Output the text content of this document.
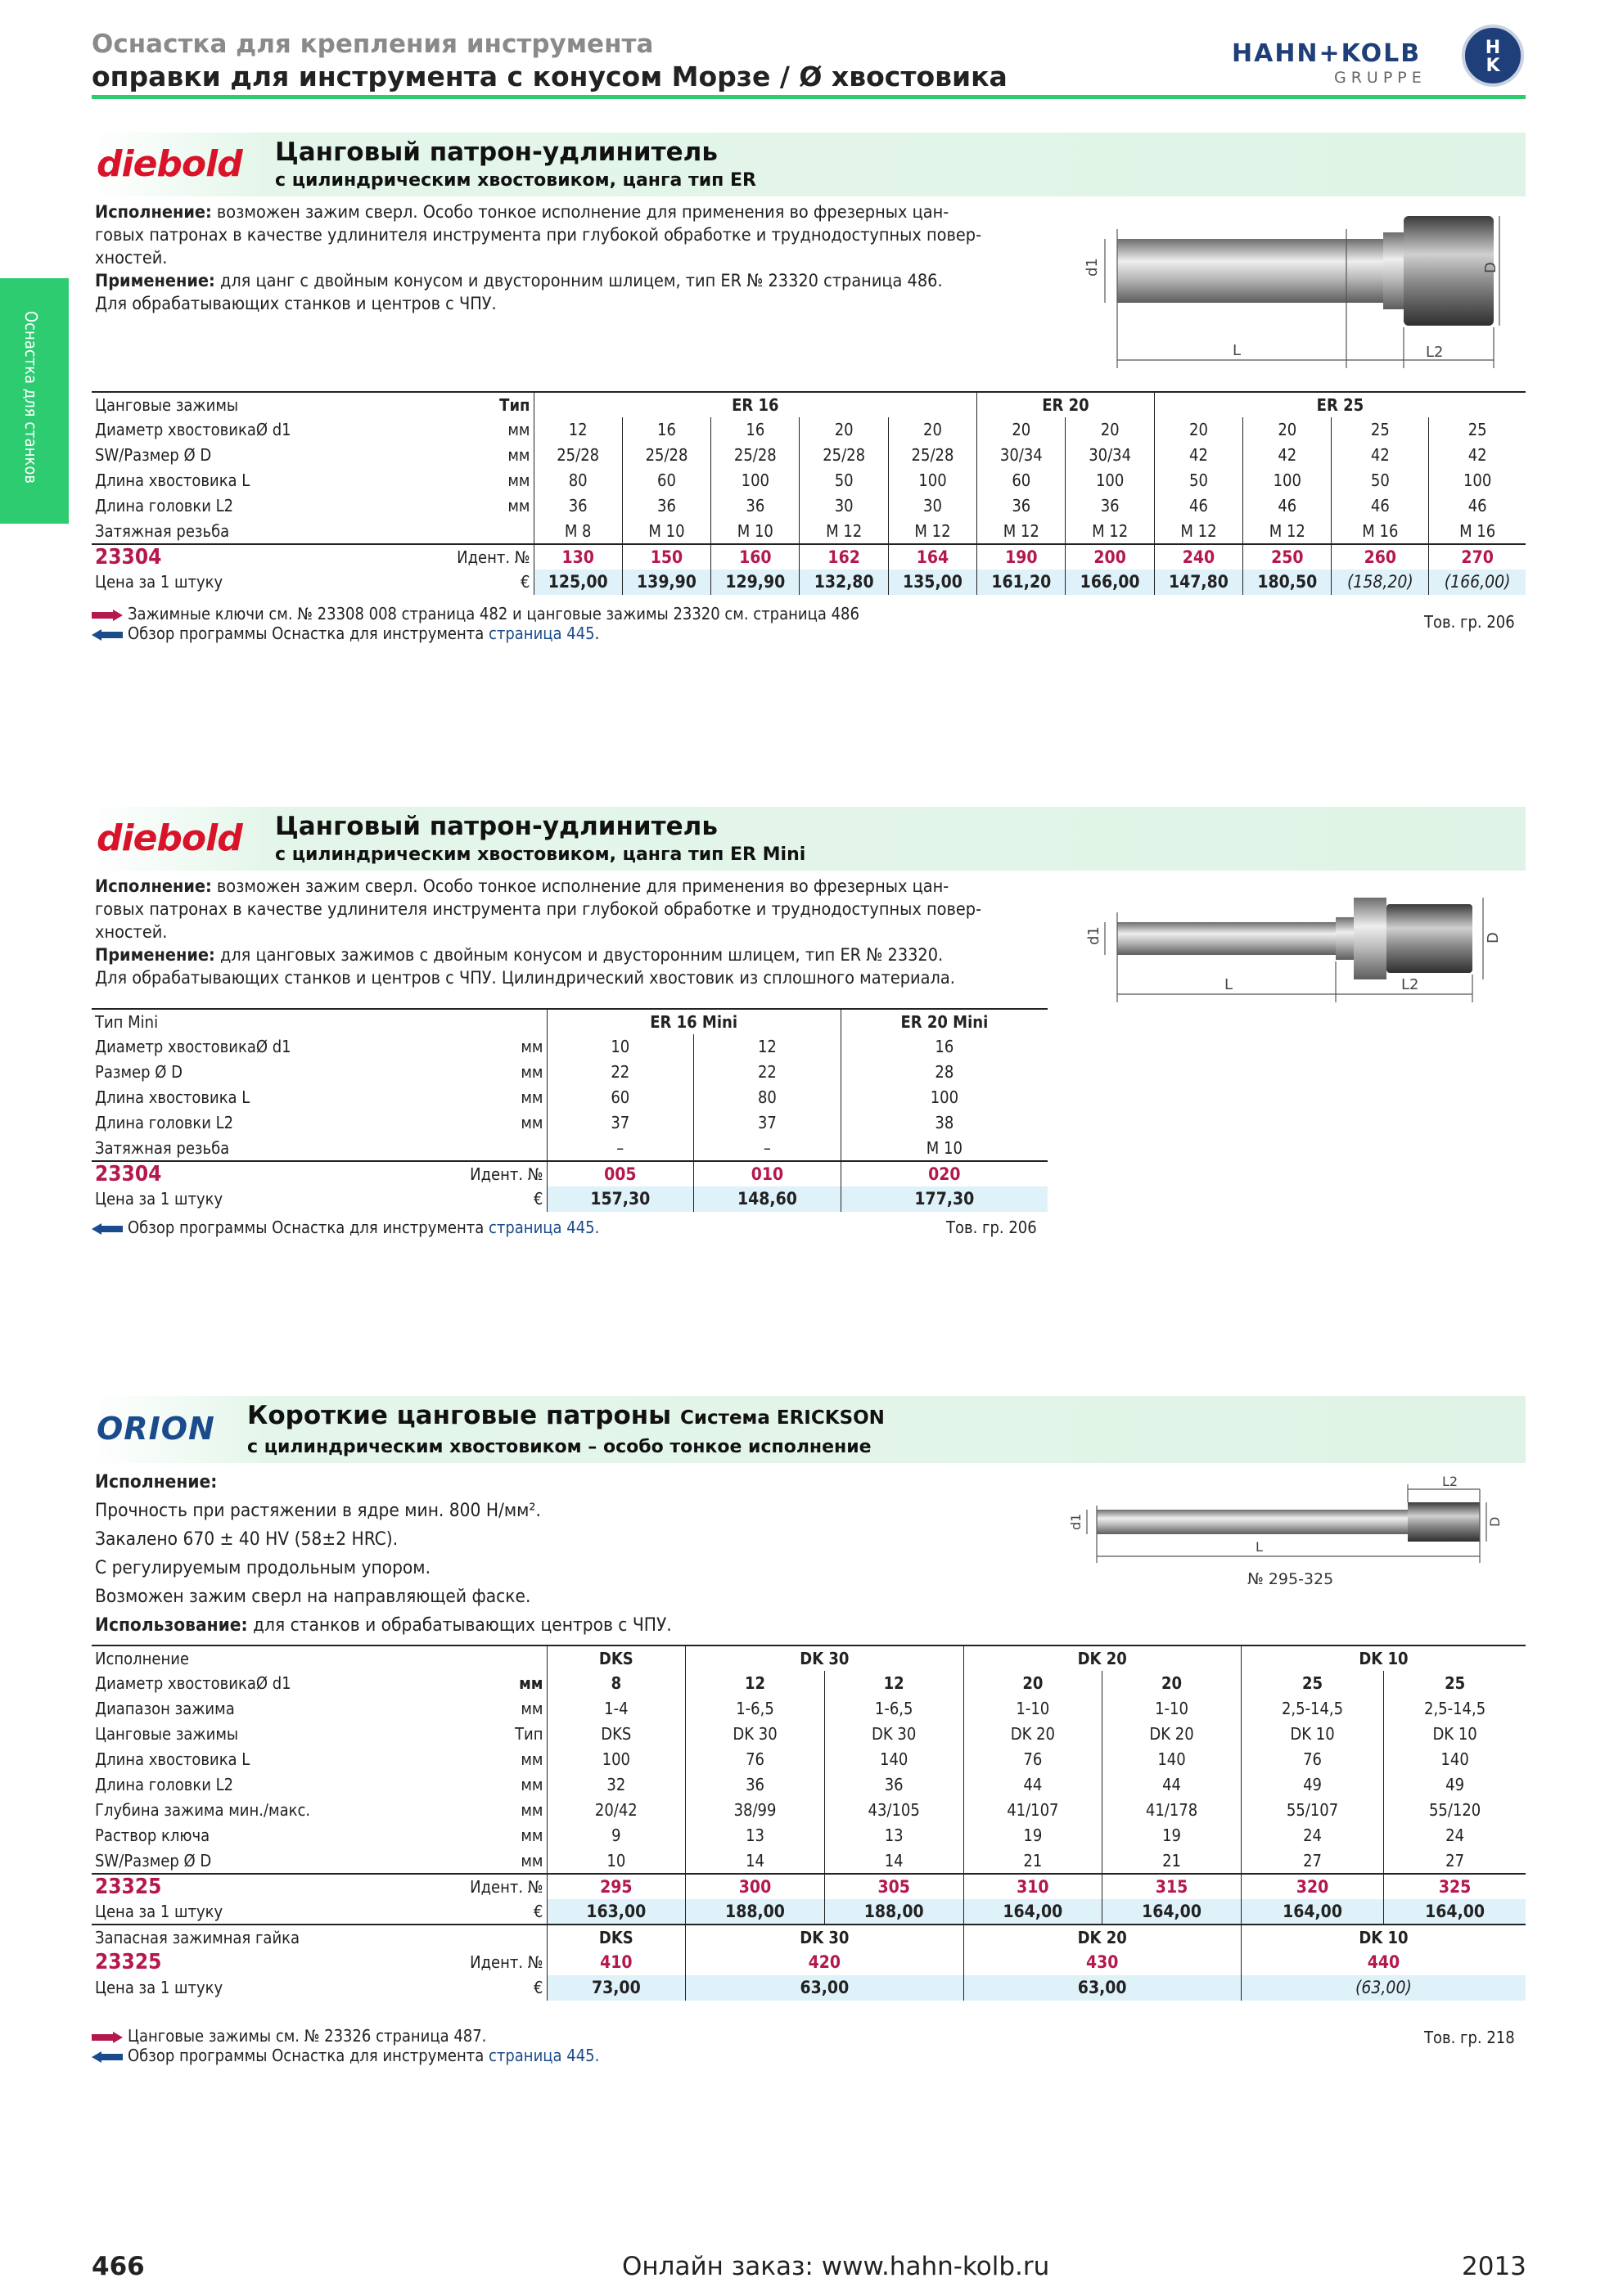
Оснастка для крепления инструмента
оправки для инструмента с конусом Морзе / Ø хвостовика
HAHN+KOLB
GRUPPE
H
K
Оснастка для станков
diebold Цанговый патрон-удлинитель
с цилиндрическим хвостовиком, цанга тип ER
Исполнение: возможен зажим сверл. Особо тонкое исполнение для применения во фрезерных цан-
говых патронах в качестве удлинителя инструмента при глубокой обработке и труднодоступных повер-
хностей.
Применение: для цанг с двойным конусом и двусторонним шлицем, тип ER № 23320 страница 486.
Для обрабатывающих станков и центров с ЧПУ.
L	L2
d1	D
Цанговые зажимы	Тип	ER 16					ER 20		ER 25			
Диаметр хвостовикаØ d1	мм	12	16	16	20	20	20	20	20	20	25	25
SW/Размер Ø D	мм	25/28	25/28	25/28	25/28	25/28	30/34	30/34	42	42	42	42
Длина хвостовика L	мм	80	60	100	50	100	60	100	50	100	50	100
Длина головки L2	мм	36	36	36	30	30	36	36	46	46	46	46
Затяжная резьба		M 8	M 10	M 10	M 12	M 12	M 12	M 12	M 12	M 12	M 16	M 16
23304	Идент. №	130	150	160	162	164	190	200	240	250	260	270
Цена за 1 штуку	€	125,00	139,90	129,90	132,80	135,00	161,20	166,00	147,80	180,50	(158,20)	(166,00)
Зажимные ключи см. № 23308 008 страница 482 и цанговые зажимы 23320 см. страница 486
Обзор программы Оснастка для инструмента страница 445.
Тов. гр. 206
diebold Цанговый патрон-удлинитель
с цилиндрическим хвостовиком, цанга тип ER Mini
Исполнение: возможен зажим сверл. Особо тонкое исполнение для применения во фрезерных цан-
говых патронах в качестве удлинителя инструмента при глубокой обработке и труднодоступных повер-
хностей.
Применение: для цанговых зажимов с двойным конусом и двусторонним шлицем, тип ER № 23320.
Для обрабатывающих станков и центров с ЧПУ. Цилиндрический хвостовик из сплошного материала.	L	L2
d1	D
Тип Mini		ER 16 Mini		ER 20 Mini
Диаметр хвостовикаØ d1	мм	10	12	16
Размер Ø D	мм	22	22	28
Длина хвостовика L	мм	60	80	100
Длина головки L2	мм	37	37	38
Затяжная резьба		–	–	M 10
23304	Идент. №	005	010	020
Цена за 1 штуку	€	157,30	148,60	177,30
Обзор программы Оснастка для инструмента страница 445.	Тов. гр. 206
ORION Короткие цанговые патроны Система ERICKSON
с цилиндрическим хвостовиком – особо тонкое исполнение
Исполнение:
Прочность при растяжении в ядре мин. 800 Н/мм².
Закалено 670 ± 40 HV (58±2 HRC).
С регулируемым продольным упором.
Возможен зажим сверл на направляющей фаске.
Использование: для станков и обрабатывающих центров с ЧПУ.
L
L2
d1	D
№ 295-325
Исполнение		DKS	DK 30		DK 20		DK 10	
Диаметр хвостовикаØ d1	мм	8	12	12	20	20	25	25
Диапазон зажима	мм	1-4	1-6,5	1-6,5	1-10	1-10	2,5-14,5	2,5-14,5
Цанговые зажимы	Тип	DKS	DK 30	DK 30	DK 20	DK 20	DK 10	DK 10
Длина хвостовика L	мм	100	76	140	76	140	76	140
Длина головки L2	мм	32	36	36	44	44	49	49
Глубина зажима мин./макс.	мм	20/42	38/99	43/105	41/107	41/178	55/107	55/120
Раствор ключа	мм	9	13	13	19	19	24	24
SW/Размер Ø D	мм	10	14	14	21	21	27	27
23325	Идент. №	295	300	305	310	315	320	325
Цена за 1 штуку	€	163,00	188,00	188,00	164,00	164,00	164,00	164,00
Запасная зажимная гайка		DKS	DK 30		DK 20		DK 10	
23325	Идент. №	410	420		430		440	
Цена за 1 штуку	€	73,00	63,00		63,00		(63,00)	
Цанговые зажимы см. № 23326 страница 487.
Обзор программы Оснастка для инструмента страница 445.
Тов. гр. 218
466	Онлайн заказ: www.hahn-kolb.ru	2013
